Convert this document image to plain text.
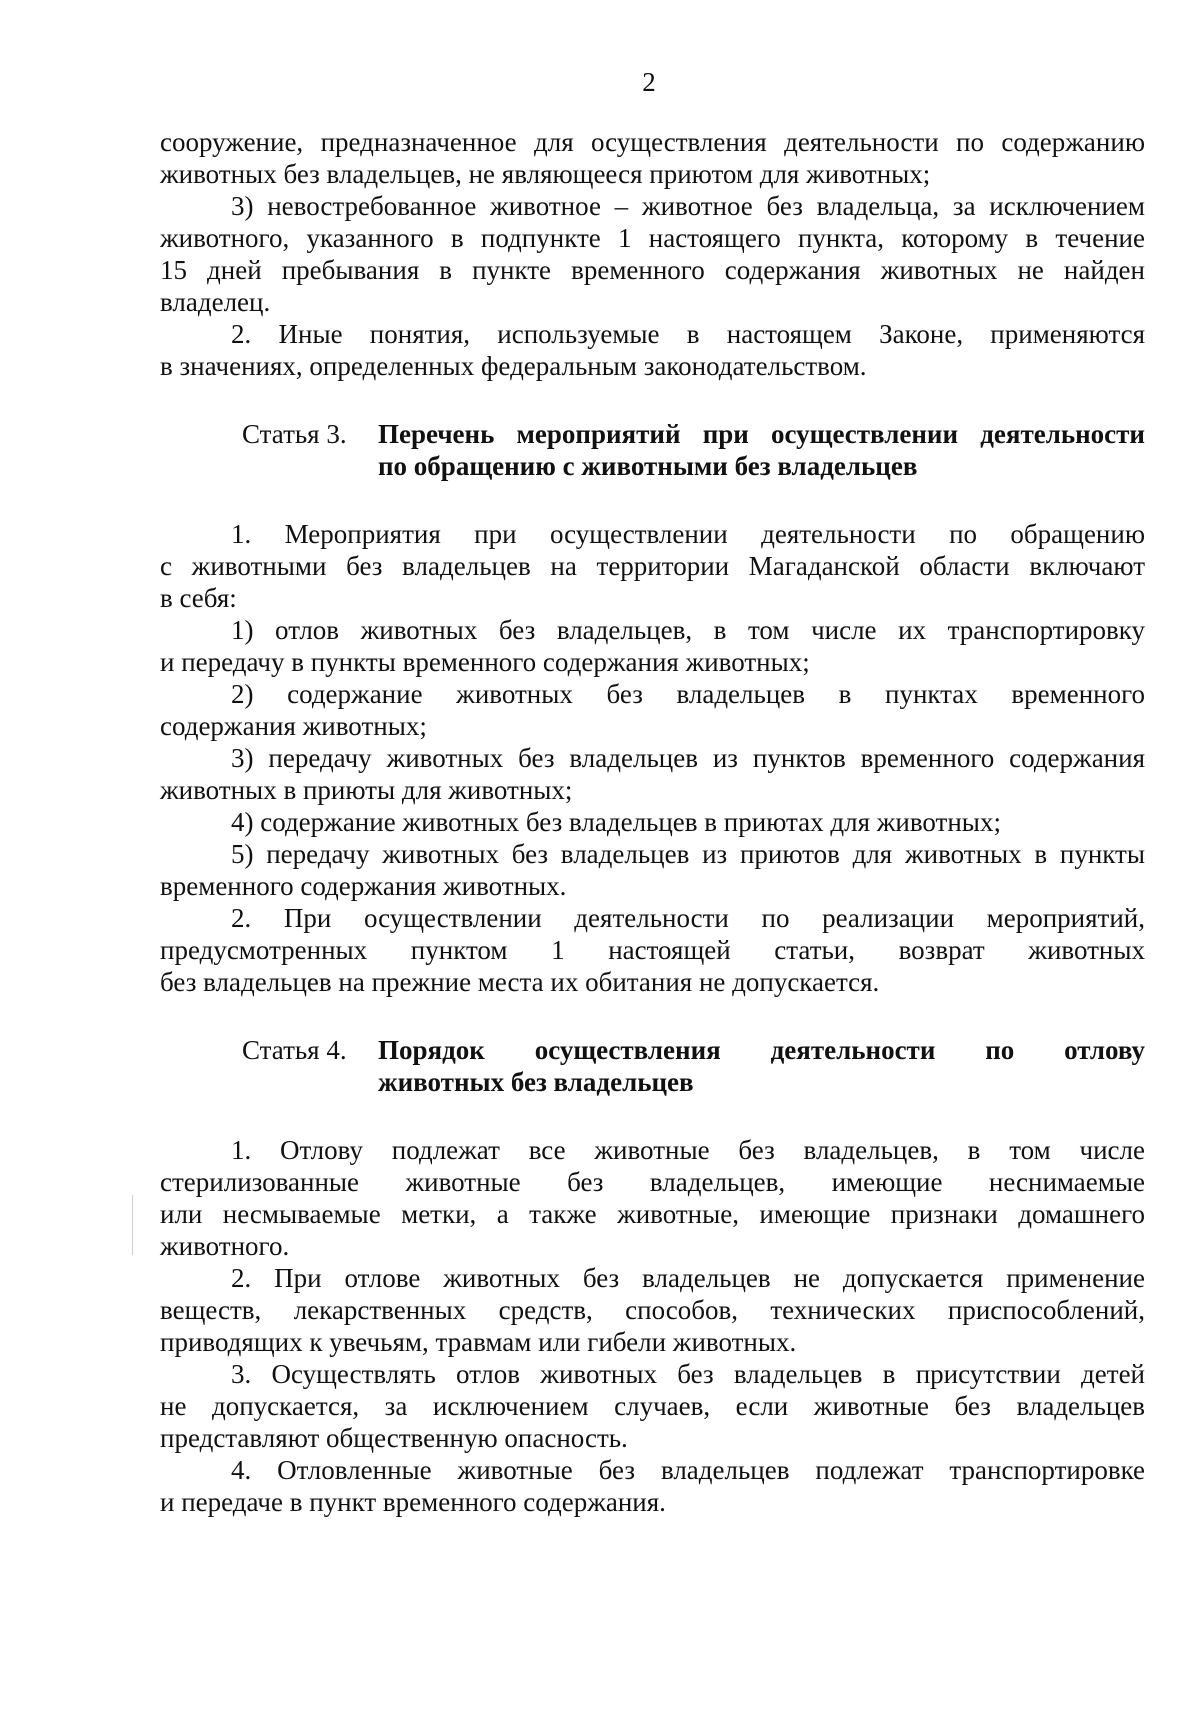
2
сооружение, предназначенное для осуществления деятельности по содержанию
животных без владельцев, не являющееся приютом для животных;
3) невостребованное животное – животное без владельца, за исключением
животного, указанного в подпункте 1 настоящего пункта, которому в течение
15 дней пребывания в пункте временного содержания животных не найден
владелец.
2. Иные понятия, используемые в настоящем Законе, применяются
в значениях, определенных федеральным законодательством.
Статья 3. Перечень мероприятий при осуществлении деятельности
по обращению с животными без владельцев
1. Мероприятия при осуществлении деятельности по обращению
с животными без владельцев на территории Магаданской области включают
в себя:
1) отлов животных без владельцев, в том числе их транспортировку
и передачу в пункты временного содержания животных;
2) содержание животных без владельцев в пунктах временного
содержания животных;
3) передачу животных без владельцев из пунктов временного содержания
животных в приюты для животных;
4) содержание животных без владельцев в приютах для животных;
5) передачу животных без владельцев из приютов для животных в пункты
временного содержания животных.
2. При осуществлении деятельности по реализации мероприятий,
предусмотренных пунктом 1 настоящей статьи, возврат животных
без владельцев на прежние места их обитания не допускается.
Статья 4. Порядок осуществления деятельности по отлову
животных без владельцев
1. Отлову подлежат все животные без владельцев, в том числе
стерилизованные животные без владельцев, имеющие неснимаемые
или несмываемые метки, а также животные, имеющие признаки домашнего
животного.
2. При отлове животных без владельцев не допускается применение
веществ, лекарственных средств, способов, технических приспособлений,
приводящих к увечьям, травмам или гибели животных.
3. Осуществлять отлов животных без владельцев в присутствии детей
не допускается, за исключением случаев, если животные без владельцев
представляют общественную опасность.
4. Отловленные животные без владельцев подлежат транспортировке
и передаче в пункт временного содержания.
